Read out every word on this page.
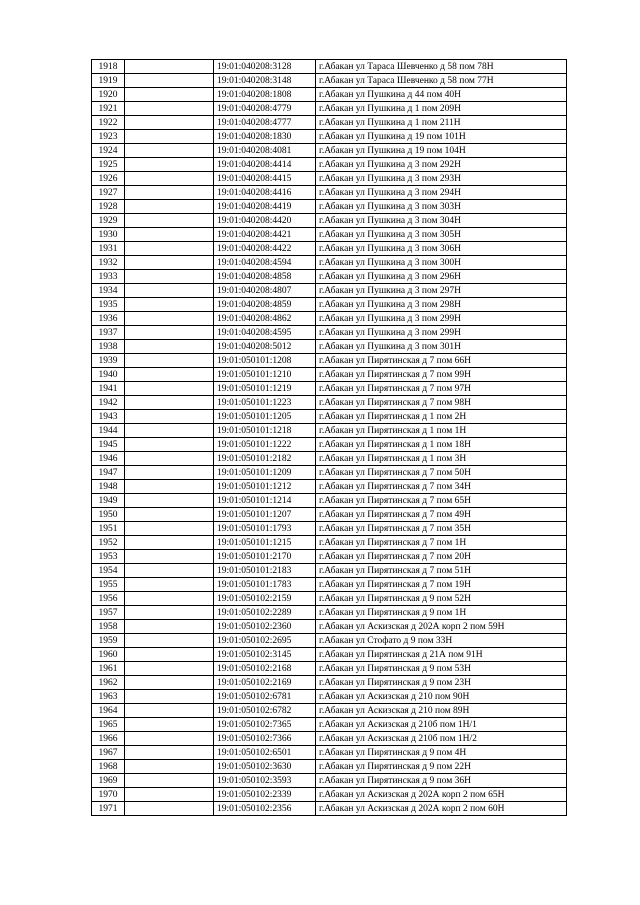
1918		19:01:040208:3128	г.Абакан ул Тараса Шевченко д 58 пом 78Н
1919		19:01:040208:3148	г.Абакан ул Тараса Шевченко д 58 пом 77Н
1920		19:01:040208:1808	г.Абакан ул Пушкина д 44 пом 40Н
1921		19:01:040208:4779	г.Абакан ул Пушкина д 1 пом 209Н
1922		19:01:040208:4777	г.Абакан ул Пушкина д 1 пом 211Н
1923		19:01:040208:1830	г.Абакан ул Пушкина д 19 пом 101Н
1924		19:01:040208:4081	г.Абакан ул Пушкина д 19 пом 104Н
1925		19:01:040208:4414	г.Абакан ул Пушкина д 3 пом 292Н
1926		19:01:040208:4415	г.Абакан ул Пушкина д 3 пом 293Н
1927		19:01:040208:4416	г.Абакан ул Пушкина д 3 пом 294Н
1928		19:01:040208:4419	г.Абакан ул Пушкина д 3 пом 303Н
1929		19:01:040208:4420	г.Абакан ул Пушкина д 3 пом 304Н
1930		19:01:040208:4421	г.Абакан ул Пушкина д 3 пом 305Н
1931		19:01:040208:4422	г.Абакан ул Пушкина д 3 пом 306Н
1932		19:01:040208:4594	г.Абакан ул Пушкина д 3 пом 300Н
1933		19:01:040208:4858	г.Абакан ул Пушкина д 3 пом 296Н
1934		19:01:040208:4807	г.Абакан ул Пушкина д 3 пом 297Н
1935		19:01:040208:4859	г.Абакан ул Пушкина д 3 пом 298Н
1936		19:01:040208:4862	г.Абакан ул Пушкина д 3 пом 299Н
1937		19:01:040208:4595	г.Абакан ул Пушкина д 3 пом 299Н
1938		19:01:040208:5012	г.Абакан ул Пушкина д 3 пом 301Н
1939		19:01:050101:1208	г.Абакан ул Пирятинская д 7 пом 66Н
1940		19:01:050101:1210	г.Абакан ул Пирятинская д 7 пом 99Н
1941		19:01:050101:1219	г.Абакан ул Пирятинская д 7 пом 97Н
1942		19:01:050101:1223	г.Абакан ул Пирятинская д 7 пом 98Н
1943		19:01:050101:1205	г.Абакан ул Пирятинская д 1 пом 2Н
1944		19:01:050101:1218	г.Абакан ул Пирятинская д 1 пом 1Н
1945		19:01:050101:1222	г.Абакан ул Пирятинская д 1 пом 18Н
1946		19:01:050101:2182	г.Абакан ул Пирятинская д 1 пом 3Н
1947		19:01:050101:1209	г.Абакан ул Пирятинская д 7 пом 50Н
1948		19:01:050101:1212	г.Абакан ул Пирятинская д 7 пом 34Н
1949		19:01:050101:1214	г.Абакан ул Пирятинская д 7 пом 65Н
1950		19:01:050101:1207	г.Абакан ул Пирятинская д 7 пом 49Н
1951		19:01:050101:1793	г.Абакан ул Пирятинская д 7 пом 35Н
1952		19:01:050101:1215	г.Абакан ул Пирятинская д 7 пом 1Н
1953		19:01:050101:2170	г.Абакан ул Пирятинская д 7 пом 20Н
1954		19:01:050101:2183	г.Абакан ул Пирятинская д 7 пом 51Н
1955		19:01:050101:1783	г.Абакан ул Пирятинская д 7 пом 19Н
1956		19:01:050102:2159	г.Абакан ул Пирятинская д 9 пом 52Н
1957		19:01:050102:2289	г.Абакан ул Пирятинская д 9 пом 1Н
1958		19:01:050102:2360	г.Абакан ул Аскизская д 202А корп 2 пом 59Н
1959		19:01:050102:2695	г.Абакан ул Стофато д 9 пом 33Н
1960		19:01:050102:3145	г.Абакан ул Пирятинская д 21А пом 91Н
1961		19:01:050102:2168	г.Абакан ул Пирятинская д 9 пом 53Н
1962		19:01:050102:2169	г.Абакан ул Пирятинская д 9 пом 23Н
1963		19:01:050102:6781	г.Абакан ул Аскизская д 210 пом 90Н
1964		19:01:050102:6782	г.Абакан ул Аскизская д 210 пом 89Н
1965		19:01:050102:7365	г.Абакан ул Аскизская д 210б пом 1Н/1
1966		19:01:050102:7366	г.Абакан ул Аскизская д 210б пом 1Н/2
1967		19:01:050102:6501	г.Абакан ул Пирятинская д 9 пом 4Н
1968		19:01:050102:3630	г.Абакан ул Пирятинская д 9 пом 22Н
1969		19:01:050102:3593	г.Абакан ул Пирятинская д 9 пом 36Н
1970		19:01:050102:2339	г.Абакан ул Аскизская д 202А корп 2 пом 65Н
1971		19:01:050102:2356	г.Абакан ул Аскизская д 202А корп 2 пом 60Н
